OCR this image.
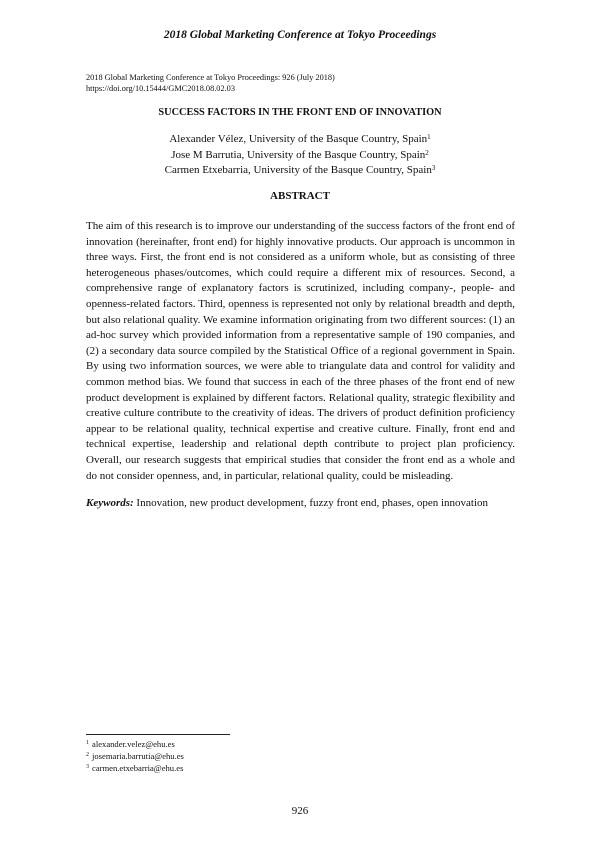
2018 Global Marketing Conference at Tokyo Proceedings
2018 Global Marketing Conference at Tokyo Proceedings: 926 (July 2018)
https://doi.org/10.15444/GMC2018.08.02.03
SUCCESS FACTORS IN THE FRONT END OF INNOVATION
Alexander Vélez, University of the Basque Country, Spain$^1$
Jose M Barrutia, University of the Basque Country, Spain$^2$
Carmen Etxebarria, University of the Basque Country, Spain$^3$
ABSTRACT

The aim of this research is to improve our understanding of the success factors of the front end of innovation (hereinafter, front end) for highly innovative products. Our approach is uncommon in three ways. First, the front end is not considered as a uniform whole, but as consisting of three heterogeneous phases/outcomes, which could require a different mix of resources. Second, a comprehensive range of explanatory factors is scrutinized, including company-, people- and openness-related factors. Third, openness is represented not only by relational breadth and depth, but also relational quality. We examine information originating from two different sources: (1) an ad-hoc survey which provided information from a representative sample of 190 companies, and (2) a secondary data source compiled by the Statistical Office of a regional government in Spain. By using two information sources, we were able to triangulate data and control for validity and common method bias. We found that success in each of the three phases of the front end of new product development is explained by different factors. Relational quality, strategic flexibility and creative culture contribute to the creativity of ideas. The drivers of product definition proficiency appear to be relational quality, technical expertise and creative culture. Finally, front end and technical expertise, leadership and relational depth contribute to project plan proficiency. Overall, our research suggests that empirical studies that consider the front end as a whole and do not consider openness, and, in particular, relational quality, could be misleading.

Keywords: Innovation, new product development, fuzzy front end, phases, open innovation

$^1$ alexander.velez@ehu.es
$^2$ josemaria.barrutia@ehu.es
$^3$ carmen.etxebarria@ehu.es
926
